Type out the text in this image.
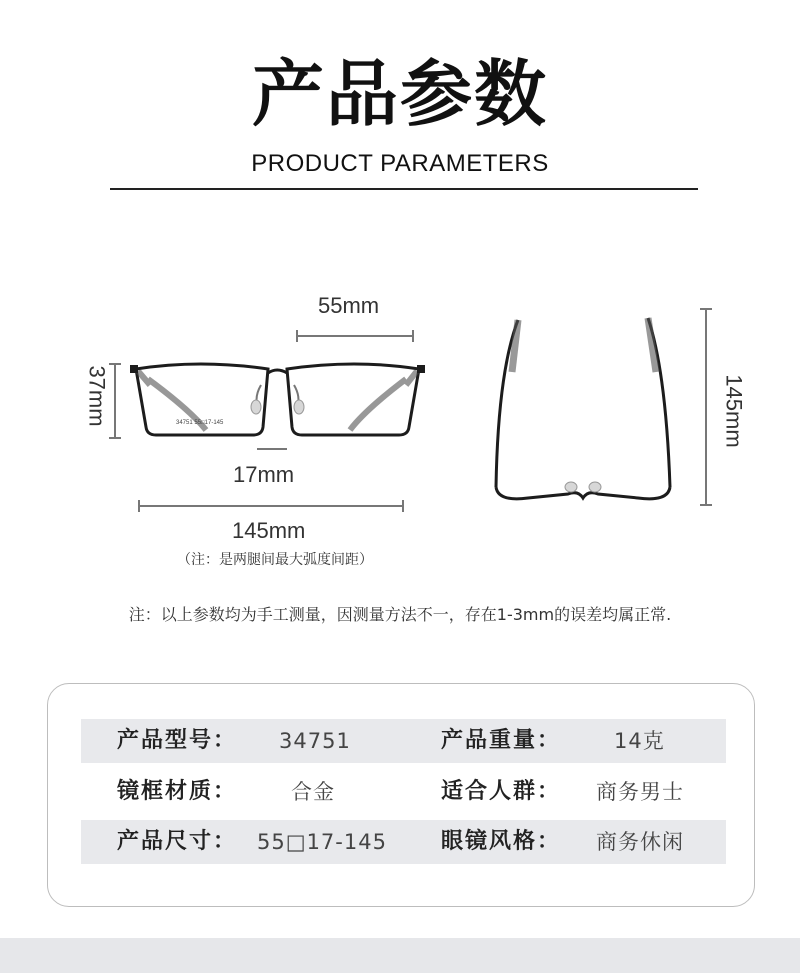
产品参数
PRODUCT PARAMETERS
55mm
37mm
17mm
145mm
（注：是两腿间最大弧度间距）
34751 55□17-145	145mm
注：以上参数均为手工测量，因测量方法不一，存在1-3mm的误差均属正常.
产品型号： 34751	产品重量：	14克
镜框材质：	合金	适合人群： 商务男士
产品尺寸： 55□17-145 眼镜风格： 商务休闲
